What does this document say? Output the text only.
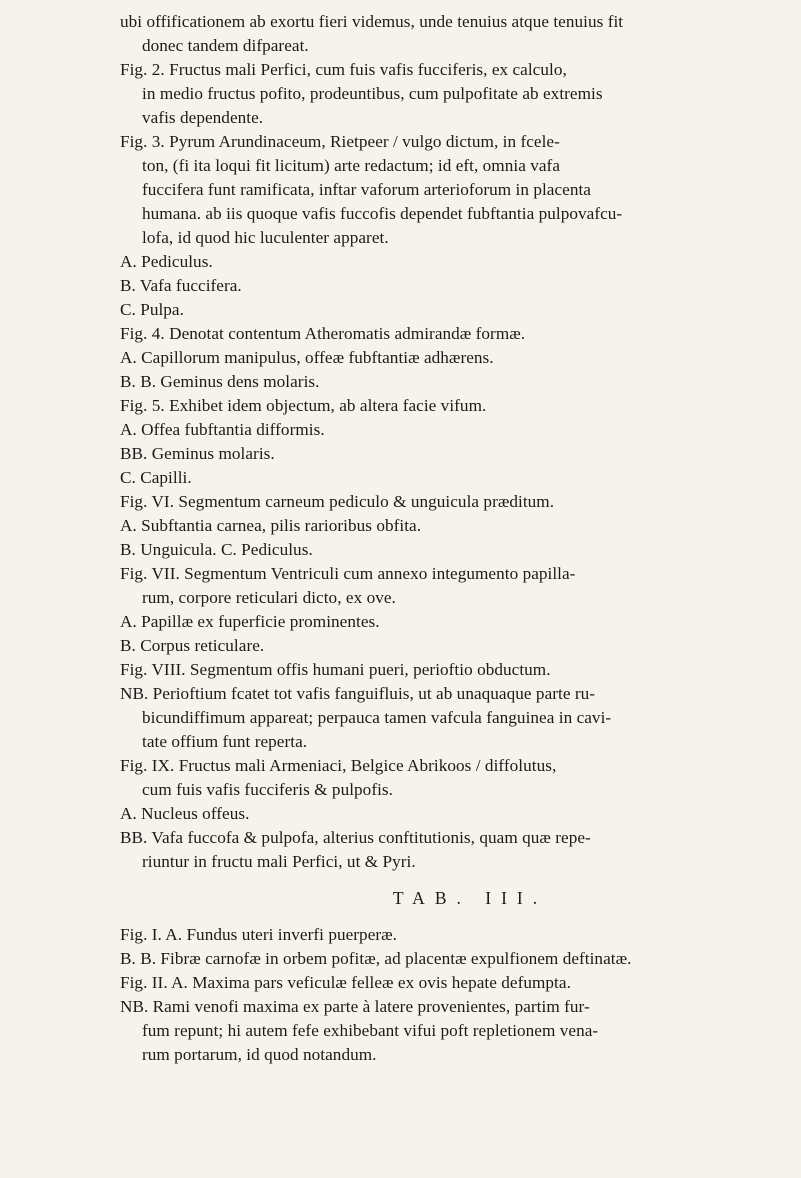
ubi offificationem ab exortu fieri videmus, unde tenuius atque tenuius fit
donec tandem difpareat.
Fig. 2. Fructus mali Perfici, cum fuis vafis fucciferis, ex calculo,
in medio fructus pofito, prodeuntibus, cum pulpofitate ab extremis
vafis dependente.
Fig. 3. Pyrum Arundinaceum, Rietpeer / vulgo dictum, in fcele-
ton, (fi ita loqui fit licitum) arte redactum; id eft, omnia vafa
fuccifera funt ramificata, inftar vaforum arterioforum in placenta
humana. ab iis quoque vafis fuccofis dependet fubftantia pulpovafcu-
lofa, id quod hic luculenter apparet.
A. Pediculus.
B. Vafa fuccifera.
C. Pulpa.
Fig. 4. Denotat contentum Atheromatis admirandæ formæ.
A. Capillorum manipulus, offeæ fubftantiæ adhærens.
B. B. Geminus dens molaris.
Fig. 5. Exhibet idem objectum, ab altera facie vifum.
A. Offea fubftantia difformis.
BB. Geminus molaris.
C. Capilli.
Fig. VI. Segmentum carneum pediculo & unguicula præditum.
A. Subftantia carnea, pilis rarioribus obfita.
B. Unguicula. C. Pediculus.
Fig. VII. Segmentum Ventriculi cum annexo integumento papilla-
rum, corpore reticulari dicto, ex ove.
A. Papillæ ex fuperficie prominentes.
B. Corpus reticulare.
Fig. VIII. Segmentum offis humani pueri, perioftio obductum.
NB. Perioftium fcatet tot vafis fanguifluis, ut ab unaquaque parte ru-
bicundiffimum appareat; perpauca tamen vafcula fanguinea in cavi-
tate offium funt reperta.
Fig. IX. Fructus mali Armeniaci, Belgice Abrikoos / diffolutus,
cum fuis vafis fucciferis & pulpofis.
A. Nucleus offeus.
BB. Vafa fuccofa & pulpofa, alterius conftitutionis, quam quæ repe-
riuntur in fructu mali Perfici, ut & Pyri.
TAB. III.
Fig. I. A. Fundus uteri inverfi puerperæ.
B. B. Fibræ carnofæ in orbem pofitæ, ad placentæ expulfionem deftinatæ.
Fig. II. A. Maxima pars veficulæ felleæ ex ovis hepate defumpta.
NB. Rami venofi maxima ex parte à latere provenientes, partim fur-
fum repunt; hi autem fefe exhibebant vifui poft repletionem vena-
rum portarum, id quod notandum.
